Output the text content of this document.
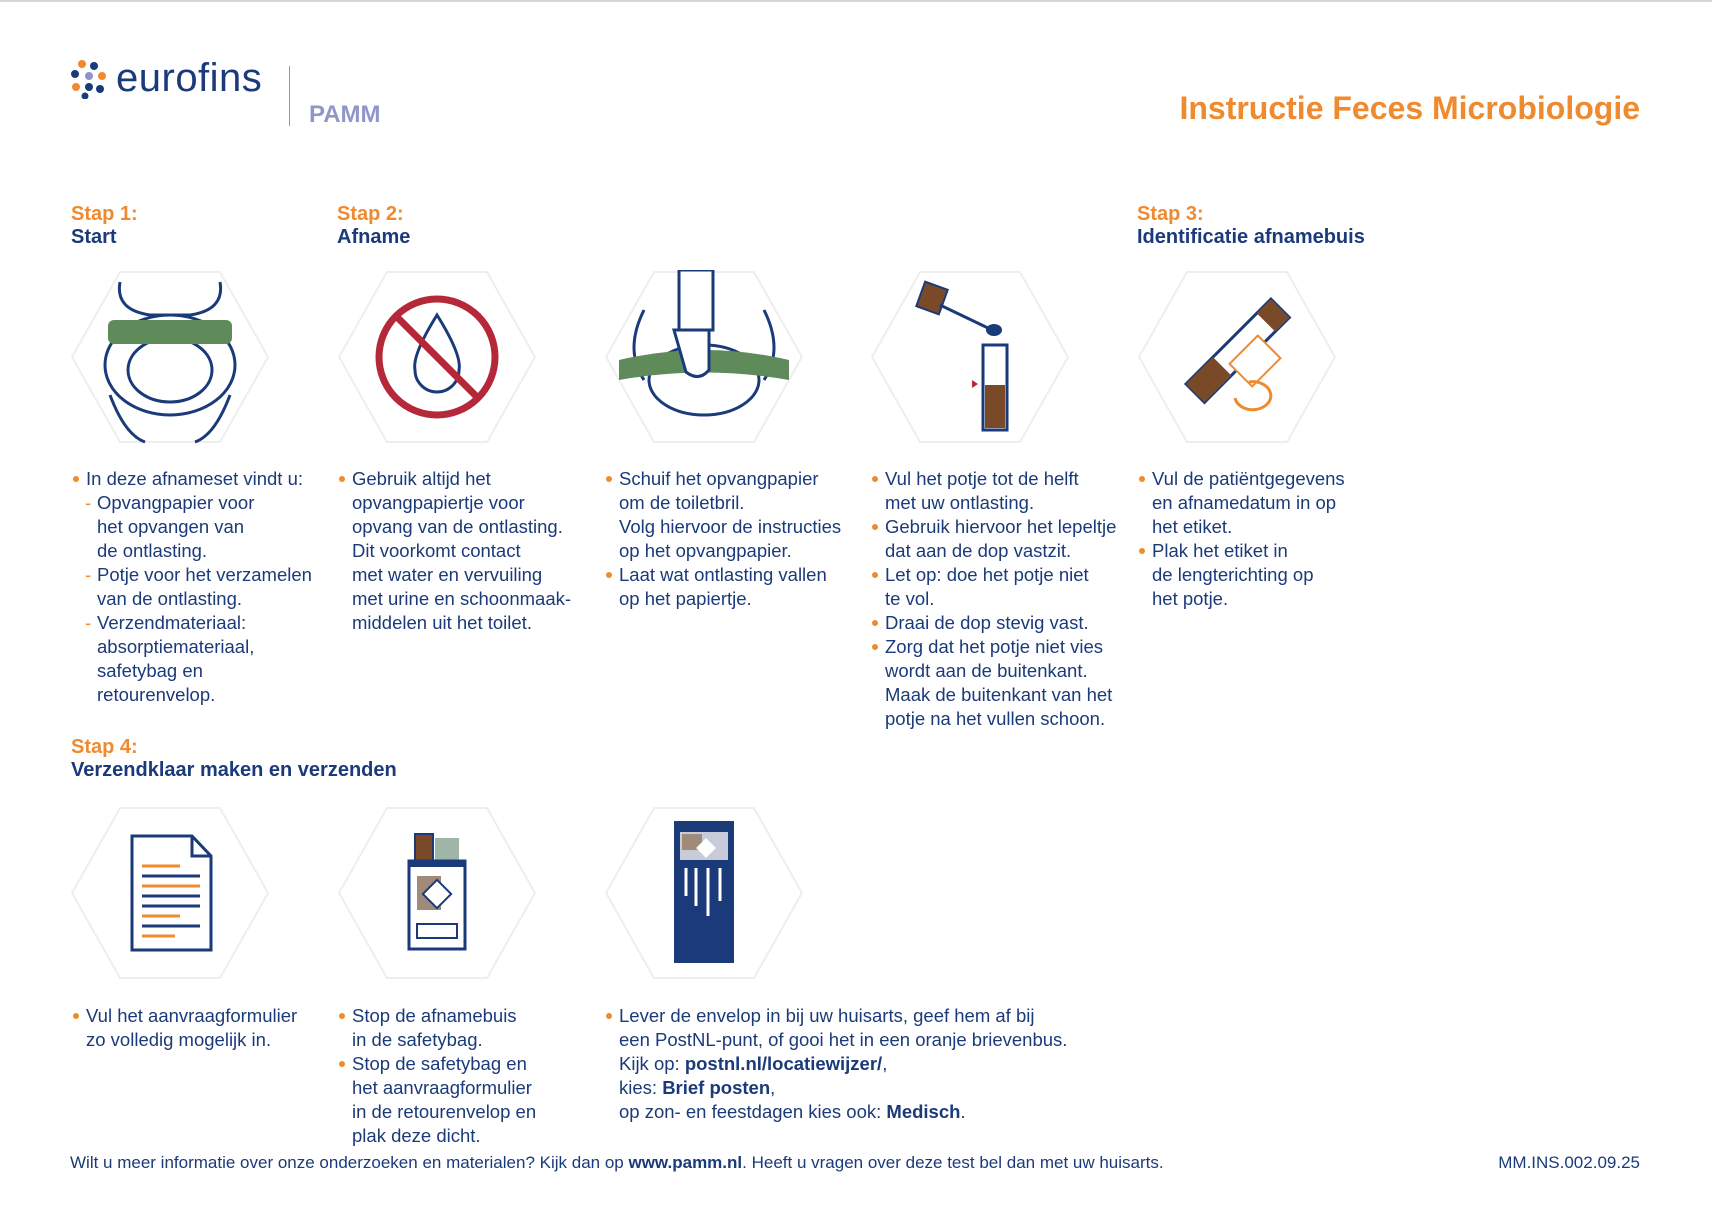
eurofins
PAMM	Instructie Feces Microbiologie
Stap 1:
Start
Stap 2:
Afname
Stap 3:
Identificatie afnamebuis
Stap 4:
Verzendklaar maken en verzenden
In deze afnameset vindt u:
- Opvangpapier voor
het opvangen van
de ontlasting.
- Potje voor het verzamelen
van de ontlasting.
- Verzendmateriaal:
absorptiemateriaal,
safetybag en
retourenvelop.
Gebruik altijd het
opvangpapiertje voor
opvang van de ontlasting.
Dit voorkomt contact
met water en vervuiling
met urine en schoonmaak-
middelen uit het toilet.
Schuif het opvangpapier
om de toiletbril.
Volg hiervoor de instructies
op het opvangpapier.
Laat wat ontlasting vallen
op het papiertje.
Vul het potje tot de helft
met uw ontlasting.
Gebruik hiervoor het lepeltje
dat aan de dop vastzit.
Let op: doe het potje niet
te vol.
Draai de dop stevig vast.
Zorg dat het potje niet vies
wordt aan de buitenkant.
Maak de buitenkant van het
potje na het vullen schoon.
Vul de patiëntgegevens
en afnamedatum in op
het etiket.
Plak het etiket in
de lengterichting op
het potje.
Vul het aanvraagformulier
zo volledig mogelijk in.
Stop de afnamebuis
in de safetybag.
Stop de safetybag en
het aanvraagformulier
in de retourenvelop en
plak deze dicht.
Lever de envelop in bij uw huisarts, geef hem af bij
een PostNL-punt, of gooi het in een oranje brievenbus.
Kijk op: postnl.nl/locatiewijzer/,
kies: Brief posten,
op zon- en feestdagen kies ook: Medisch.
Wilt u meer informatie over onze onderzoeken en materialen? Kijk dan op www.pamm.nl. Heeft u vragen over deze test bel dan met uw huisarts.	MM.INS.002.09.25
